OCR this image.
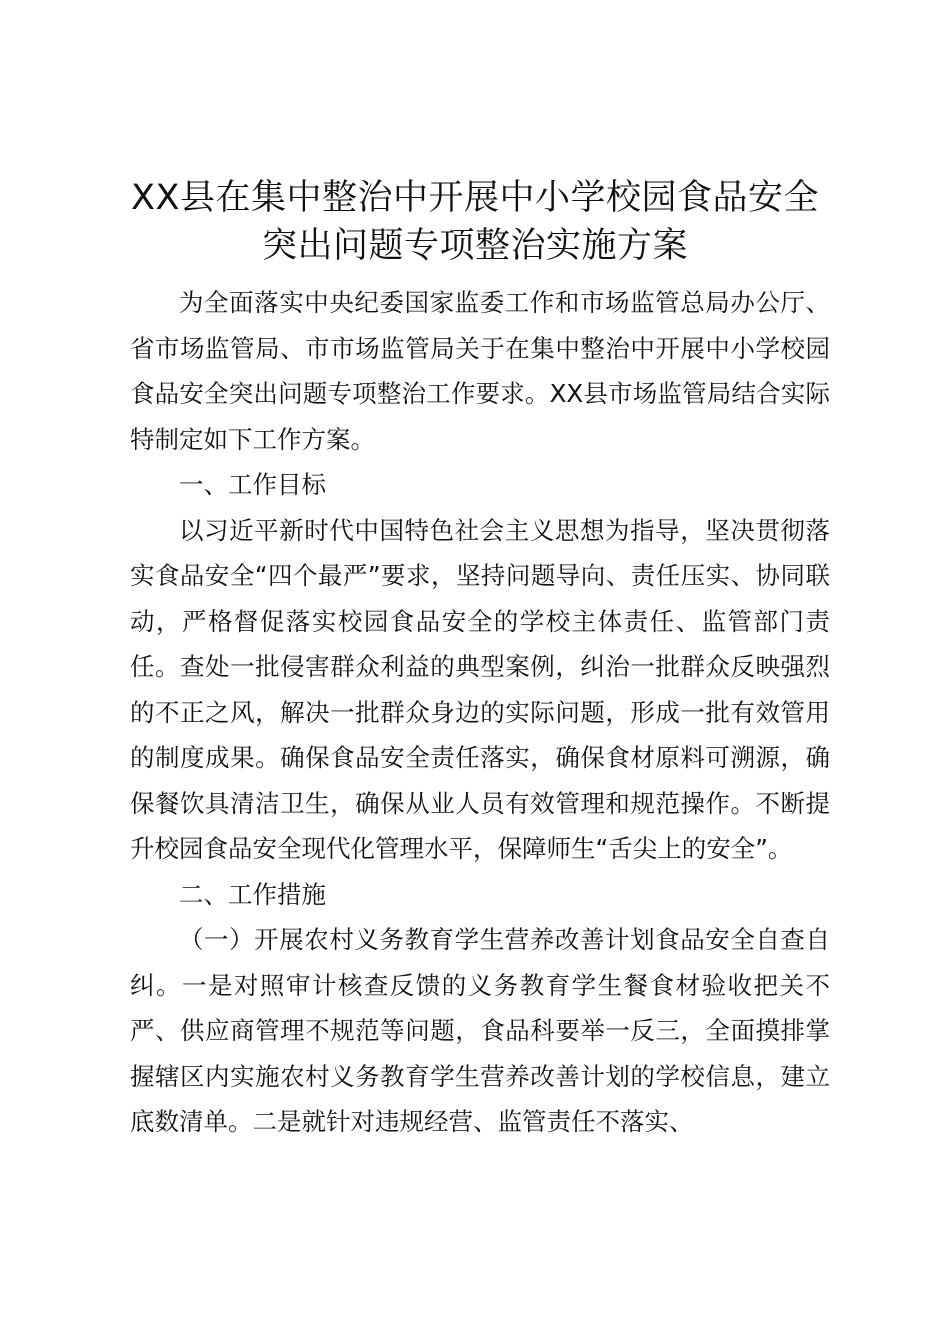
XX县在集中整治中开展中小学校园食品安全
突出问题专项整治实施方案

为全面落实中央纪委国家监委工作和市场监管总局办公厅、省市场监管局、市市场监管局关于在集中整治中开展中小学校园食品安全突出问题专项整治工作要求。XX县市场监管局结合实际特制定如下工作方案。

一、工作目标

以习近平新时代中国特色社会主义思想为指导，坚决贯彻落实食品安全“四个最严”要求，坚持问题导向、责任压实、协同联动，严格督促落实校园食品安全的学校主体责任、监管部门责任。查处一批侵害群众利益的典型案例，纠治一批群众反映强烈的不正之风，解决一批群众身边的实际问题，形成一批有效管用的制度成果。确保食品安全责任落实，确保食材原料可溯源，确保餐饮具清洁卫生，确保从业人员有效管理和规范操作。不断提升校园食品安全现代化管理水平，保障师生“舌尖上的安全”。

二、工作措施

（一）开展农村义务教育学生营养改善计划食品安全自查自纠。一是对照审计核查反馈的义务教育学生餐食材验收把关不严、供应商管理不规范等问题，食品科要举一反三，全面摸排掌握辖区内实施农村义务教育学生营养改善计划的学校信息，建立底数清单。二是就针对违规经营、监管责任不落实、
